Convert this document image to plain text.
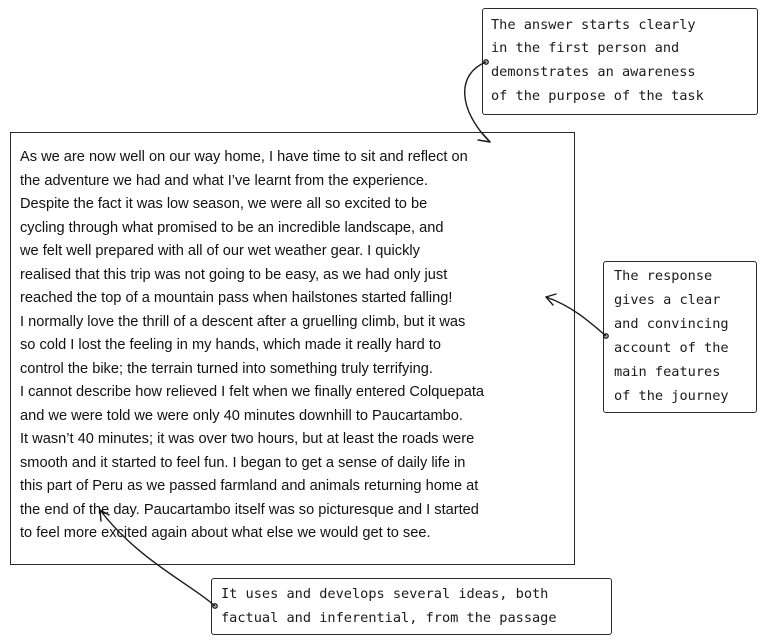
As we are now well on our way home, I have time to sit and reflect on
the adventure we had and what I’ve learnt from the experience.
Despite the fact it was low season, we were all so excited to be
cycling through what promised to be an incredible landscape, and
we felt well prepared with all of our wet weather gear. I quickly
realised that this trip was not going to be easy, as we had only just
reached the top of a mountain pass when hailstones started falling!
I normally love the thrill of a descent after a gruelling climb, but it was
so cold I lost the feeling in my hands, which made it really hard to
control the bike; the terrain turned into something truly terrifying.
I cannot describe how relieved I felt when we finally entered Colquepata
and we were told we were only 40 minutes downhill to Paucartambo.
It wasn’t 40 minutes; it was over two hours, but at least the roads were
smooth and it started to feel fun. I began to get a sense of daily life in
this part of Peru as we passed farmland and animals returning home at
the end of the day. Paucartambo itself was so picturesque and I started
to feel more excited again about what else we would get to see.
The answer starts clearly
in the first person and
demonstrates an awareness
of the purpose of the task
The response
gives a clear
and convincing
account of the
main features
of the journey
It uses and develops several ideas, both
factual and inferential, from the passage
